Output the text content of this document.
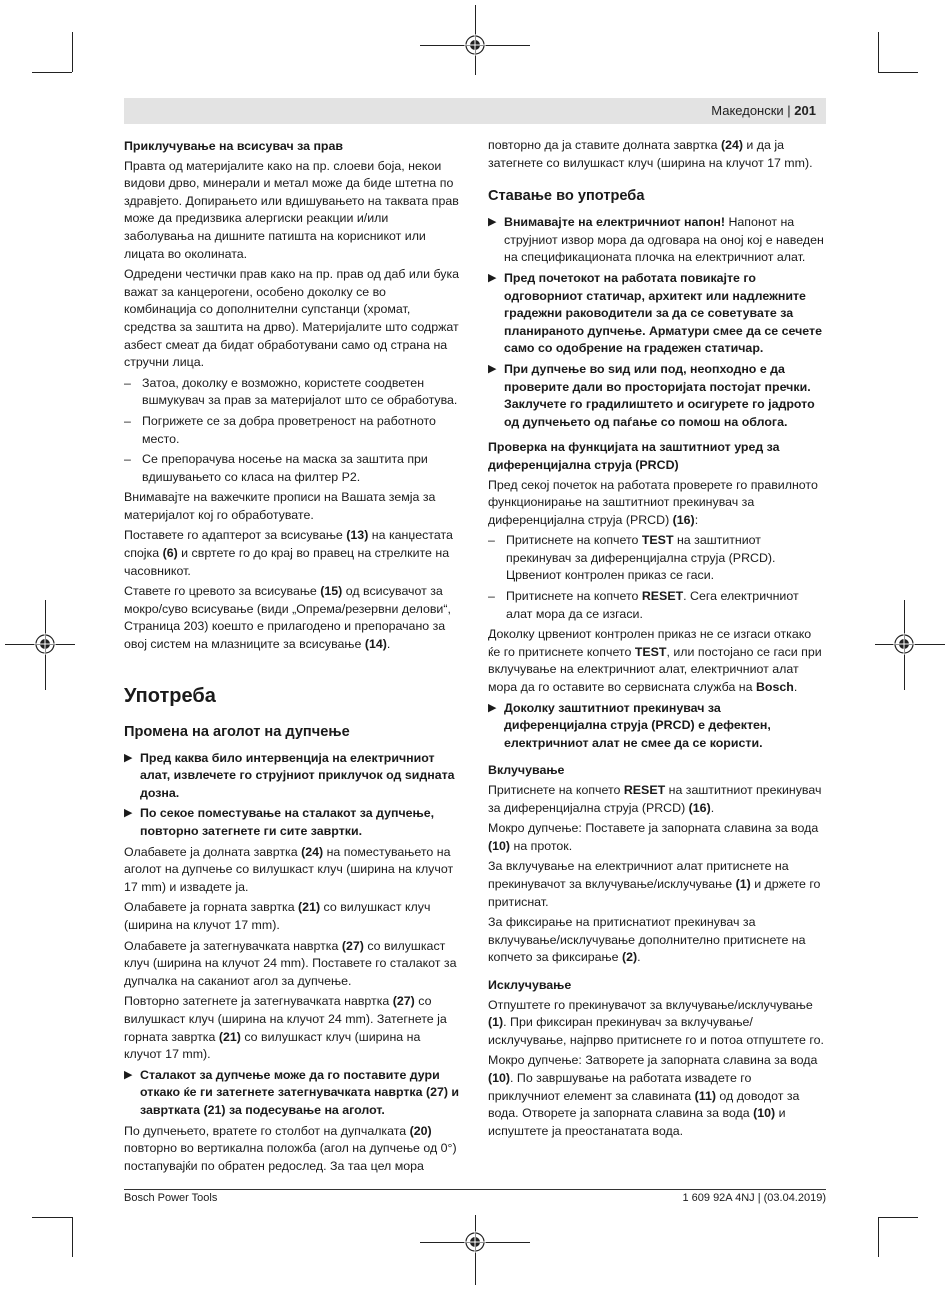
Македонски | 201

Приклучување на всисувач за прав

Правта од материјалите како на пр. слоеви боја, некои видови дрво, минерали и метал може да биде штетна по здравјето. Допирањето или вдишувањето на таквата прав може да предизвика алергиски реакции и/или заболувања на дишните патишта на корисникот или лицата во околината.

Одредени честички прав како на пр. прав од даб или бука важат за канцерогени, особено доколку се во комбинација со дополнителни супстанци (хромат, средства за заштита на дрво). Материјалите што содржат азбест смеат да бидат обработувани само од страна на стручни лица.

– Затоа, доколку е возможно, користете соодветен вшмукувач за прав за материјалот што се обработува.
– Погрижете се за добра проветреност на работното место.
– Се препорачува носење на маска за заштита при вдишувањето со класа на филтер P2.

Внимавајте на важечките прописи на Вашата земја за материјалот кој го обработувате.

Поставете го адаптерот за всисување (13) на канџестата спојка (6) и свртете го до крај во правец на стрелките на часовникот.

Ставете го цревото за всисување (15) од всисувачот за мокро/суво всисување (види „Опрема/резервни делови“, Страница 203) коешто е прилагодено и препорачано за овој систем на млазниците за всисување (14).

Употреба
Промена на аголот на дупчење
▶ Пред каква било интервенција на електричниот алат, извлечете го струјниот приклучок од ѕидната дозна.
▶ По секое поместување на сталакот за дупчење, повторно затегнете ги сите завртки.

Олабавете ја долната завртка (24) на поместувањето на аголот на дупчење со вилушкаст клуч (ширина на клучот 17 mm) и извадете ја.

Олабавете ја горната завртка (21) со вилушкаст клуч (ширина на клучот 17 mm).

Олабавете ја затегнувачката навртка (27) со вилушкаст клуч (ширина на клучот 24 mm). Поставете го сталакот за дупчалка на саканиот агол за дупчење.

Повторно затегнете ја затегнувачката навртка (27) со вилушкаст клуч (ширина на клучот 24 mm). Затегнете ја горната завртка (21) со вилушкаст клуч (ширина на клучот 17 mm).

▶ Сталакот за дупчење може да го поставите дури откако ќе ги затегнете затегнувачката навртка (27) и завртката (21) за подесување на аголот.

По дупчењето, вратете го столбот на дупчалката (20) повторно во вертикална положба (агол на дупчење од 0°) постапувајќи по обратен редослед. За таа цел мора

повторно да ја ставите долната завртка (24) и да ја затегнете со вилушкаст клуч (ширина на клучот 17 mm).

Ставање во употреба
▶ Внимавајте на електричниот напон! Напонот на струјниот извор мора да одговара на оној кој е наведен на спецификационата плочка на електричниот алат.
▶ Пред почетокот на работата повикајте го одговорниот статичар, архитект или надлежните градежни раководители за да се советувате за планираното дупчење. Арматури смее да се сечете само со одобрение на градежен статичар.
▶ При дупчење во ѕид или под, неопходно е да проверите дали во просторијата постојат пречки. Заклучете го градилиштето и осигурете го јадрото од дупчењето од паѓање со помош на облога.

Проверка на функцијата на заштитниот уред за диференцијална струја (PRCD)

Пред секој почеток на работата проверете го правилното функционирање на заштитниот прекинувач за диференцијална струја (PRCD) (16):

– Притиснете на копчето TEST на заштитниот прекинувач за диференцијална струја (PRCD). Црвениот контролен приказ се гаси.
– Притиснете на копчето RESET. Сега електричниот алат мора да се изгаси.

Доколку црвениот контролен приказ не се изгаси откако ќе го притиснете копчето TEST, или постојано се гаси при вклучување на електричниот алат, електричниот алат мора да го оставите во сервисната служба на Bosch.

▶ Доколку заштитниот прекинувач за диференцијална струја (PRCD) е дефектен, електричниот алат не смее да се користи.

Вклучување

Притиснете на копчето RESET на заштитниот прекинувач за диференцијална струја (PRCD) (16).

Мокро дупчење: Поставете ја запорната славина за вода (10) на проток.

За вклучување на електричниот алат притиснете на прекинувачот за вклучување/исклучување (1) и држете го притиснат.

За фиксирање на притиснатиот прекинувач за вклучување/исклучување дополнително притиснете на копчето за фиксирање (2).

Исклучување

Отпуштете го прекинувачот за вклучување/исклучување (1). При фиксиран прекинувач за вклучување/исклучување, најпрво притиснете го и потоа отпуштете го.

Мокро дупчење: Затворете ја запорната славина за вода (10). По завршување на работата извадете го приклучниот елемент за славината (11) од доводот за вода. Отворете ја запорната славина за вода (10) и испуштете ја преостанатата вода.

Bosch Power Tools	1 609 92A 4NJ | (03.04.2019)
